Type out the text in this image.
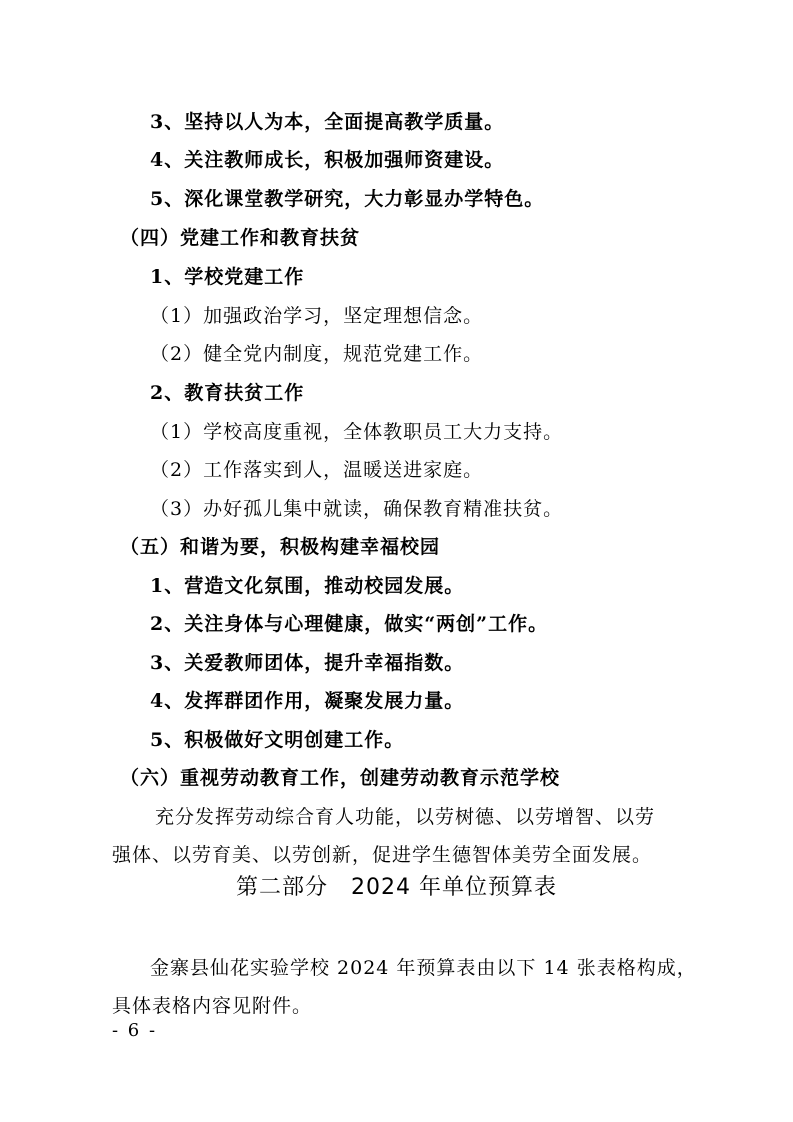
3、坚持以人为本，全面提高教学质量。
4、关注教师成长，积极加强师资建设。
5、深化课堂教学研究，大力彰显办学特色。
（四）党建工作和教育扶贫
1、学校党建工作
（1）加强政治学习，坚定理想信念。
（2）健全党内制度，规范党建工作。
2、教育扶贫工作
（1）学校高度重视，全体教职员工大力支持。
（2）工作落实到人，温暖送进家庭。
（3）办好孤儿集中就读，确保教育精准扶贫。
（五）和谐为要，积极构建幸福校园
1、营造文化氛围，推动校园发展。
2、关注身体与心理健康，做实“两创”工作。
3、关爱教师团体，提升幸福指数。
4、发挥群团作用，凝聚发展力量。
5、积极做好文明创建工作。
（六）重视劳动教育工作，创建劳动教育示范学校
充分发挥劳动综合育人功能，以劳树德、以劳增智、以劳
强体、以劳育美、以劳创新，促进学生德智体美劳全面发展。
第二部分　2024 年单位预算表
金寨县仙花实验学校 2024 年预算表由以下 14 张表格构成，
具体表格内容见附件。
- 6 -
